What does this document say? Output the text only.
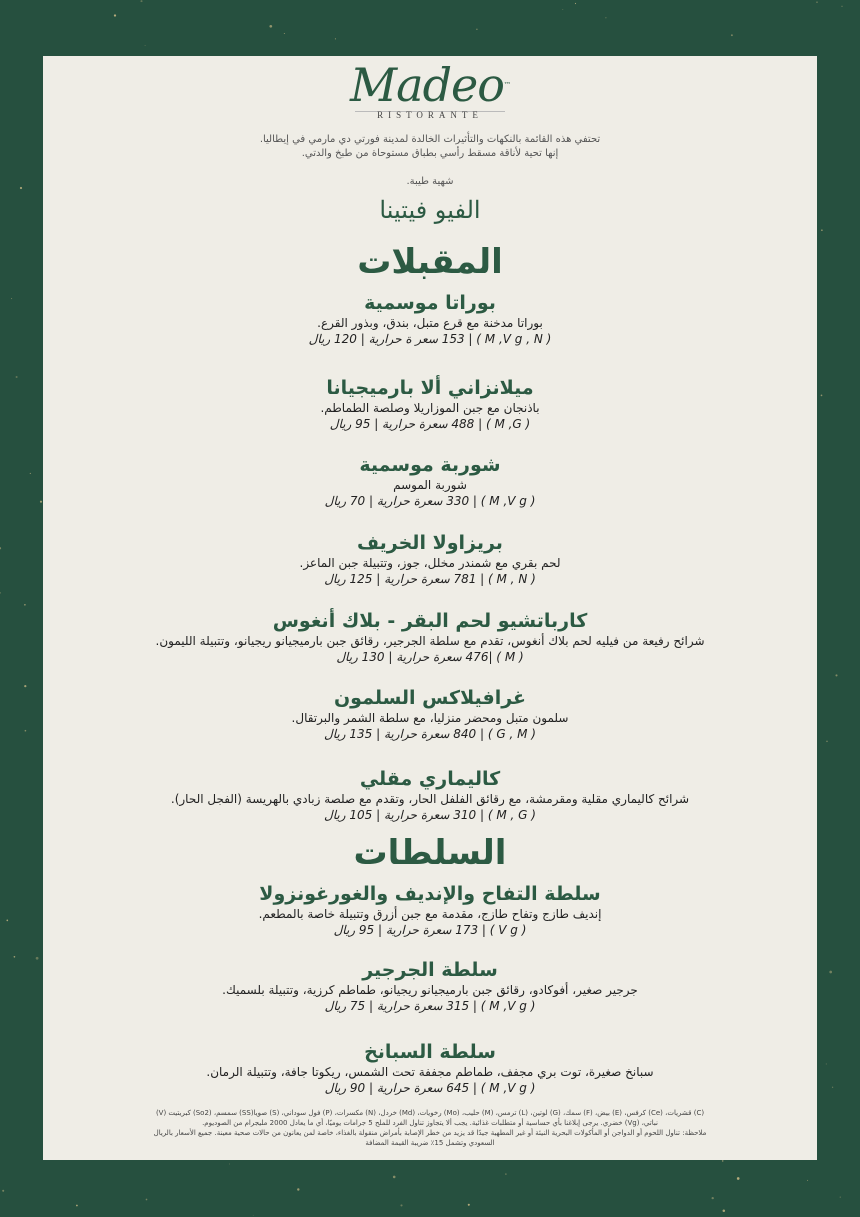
Madeo™
RISTORANTE
تحتفي هذه القائمة بالنكهات والتأثيرات الخالدة لمدينة فورتي دي مارمي في إيطاليا.
إنها تحية لأناقة مسقط رأسي بطباق مستوحاة من طبخ والدتي.
شهية طيبة.
الفيو فيتينا
المقبلات
بوراتا موسمية
بوراتا مدخنة مع قرع متبل، بندق، وبذور القرع.
( M ,V g , N ) | 153 سعر ة حرارية | 120 ريال
ميلانزاني ألا بارميجيانا
باذنجان مع جبن الموزاريلا وصلصة الطماطم.
( M ,G ) | 488 سعرة حرارية | 95 ريال
شوربة موسمية
شوربة الموسم
( M ,V g ) | 330 سعرة حرارية | 70 ريال
بريزاولا الخريف
لحم بقري مع شمندر مخلل، جوز، وتتبيلة جبن الماعز.
( M , N ) | 781 سعرة حرارية | 125 ريال
كارباتشيو لحم البقر - بلاك أنغوس
شرائح رفيعة من فيليه لحم بلاك أنغوس، تقدم مع سلطة الجرجير، رقائق جبن بارميجيانو ريجيانو، وتتبيلة الليمون.
( M ) |476 سعرة حرارية | 130 ريال
غرافيلاكس السلمون
سلمون متبل ومحضر منزليا، مع سلطة الشمر والبرتقال.
( G , M ) | 840 سعرة حرارية | 135 ريال
كاليماري مقلي
شرائح كاليماري مقلية ومقرمشة، مع رقائق الفلفل الحار، وتقدم مع صلصة زبادي بالهريسة (الفجل الحار).
( M , G ) | 310 سعرة حرارية | 105 ريال
السلطات
سلطة التفاح والإنديف والغورغونزولا
إنديف طازج وتفاح طازج، مقدمة مع جبن أزرق وتتبيلة خاصة بالمطعم.
( V g ) | 173 سعرة حرارية | 95 ريال
سلطة الجرجير
جرجير صغير، أفوكادو، رقائق جبن بارميجيانو ريجيانو، طماطم كرزية، وتتبيلة بلسميك.
( M ,V g ) | 315 سعرة حرارية | 75 ريال
سلطة السبانخ
سبانخ صغيرة، توت بري مجفف، طماطم مجففة تحت الشمس، ريكوتا جافة، وتتبيلة الرمان.
( M ,V g ) | 645 سعرة حرارية | 90 ريال
(C) قشريات، (Ce) كرفس، (E) بيض، (F) سمك، (G) لوتين، (L) ترمس، (M) حليب، (Mo) رخويات، (Md) خردل، (N) مكسرات، (P) فول سوداني، (S) صويا(SS) سمسم، (So2) كبريتيت (V)
نباتي، (Vg) خضري. يرجى إبلاغنا بأي حساسية أو متطلبات غذائية. يجب ألا يتجاوز تناول الفرد للملح 5 جرامات يوميًا، أي ما يعادل 2000 مليجرام من الصوديوم.
ملاحظة: تناول اللحوم أو الدواجن أو المأكولات البحرية النيئة أو غير المطهية جيدًا قد يزيد من خطر الإصابة بأمراض منقولة بالغذاء، خاصة لمن يعانون من حالات صحية معينة. جميع الأسعار بالريال
السعودي وتشمل 15٪ ضريبة القيمة المضافة
